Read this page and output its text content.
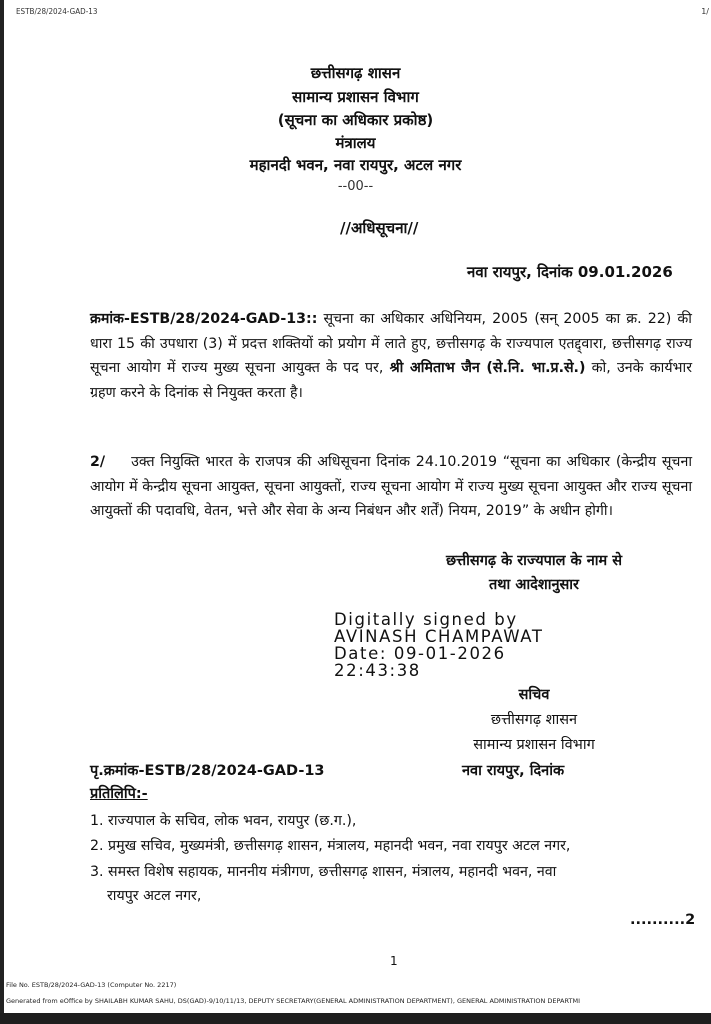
ESTB/28/2024-GAD-13	1/
छत्तीसगढ़ शासन
सामान्य प्रशासन विभाग
(सूचना का अधिकार प्रकोष्ठ)
मंत्रालय
महानदी भवन, नवा रायपुर, अटल नगर
--00--
//अधिसूचना//
नवा रायपुर, दिनांक 09.01.2026
क्रमांक-ESTB/28/2024-GAD-13:: सूचना का अधिकार अधिनियम, 2005 (सन् 2005 का क्र. 22) की धारा 15 की उपधारा (3) में प्रदत्त शक्तियों को प्रयोग में लाते हुए, छत्तीसगढ़ के राज्यपाल एतद्द्वारा, छत्तीसगढ़ राज्य सूचना आयोग में राज्य मुख्य सूचना आयुक्त के पद पर, श्री अमिताभ जैन (से.नि. भा.प्र.से.) को, उनके कार्यभार ग्रहण करने के दिनांक से नियुक्त करता है।
2/ उक्त नियुक्ति भारत के राजपत्र की अधिसूचना दिनांक 24.10.2019 “सूचना का अधिकार (केन्द्रीय सूचना आयोग में केन्द्रीय सूचना आयुक्त, सूचना आयुक्तों, राज्य सूचना आयोग में राज्य मुख्य सूचना आयुक्त और राज्य सूचना आयुक्तों की पदावधि, वेतन, भत्ते और सेवा के अन्य निबंधन और शर्तें) नियम, 2019” के अधीन होगी।
छत्तीसगढ़ के राज्यपाल के नाम से
तथा आदेशानुसार
Digitally signed by
AVINASH CHAMPAWAT
Date: 09-01-2026
22:43:38
सचिव
छत्तीसगढ़ शासन
सामान्य प्रशासन विभाग
पृ.क्रमांक-ESTB/28/2024-GAD-13	नवा रायपुर, दिनांक
प्रतिलिपि:-
1. राज्यपाल के सचिव, लोक भवन, रायपुर (छ.ग.),
2. प्रमुख सचिव, मुख्यमंत्री, छत्तीसगढ़ शासन, मंत्रालय, महानदी भवन, नवा रायपुर अटल नगर,
3. समस्त विशेष सहायक, माननीय मंत्रीगण, छत्तीसगढ़ शासन, मंत्रालय, महानदी भवन, नवा
रायपुर अटल नगर,
..........2
1
File No. ESTB/28/2024-GAD-13 (Computer No. 2217)
Generated from eOffice by SHAILABH KUMAR SAHU, DS(GAD)-9/10/11/13, DEPUTY SECRETARY(GENERAL ADMINISTRATION DEPARTMENT), GENERAL ADMINISTRATION DEPARTMI
